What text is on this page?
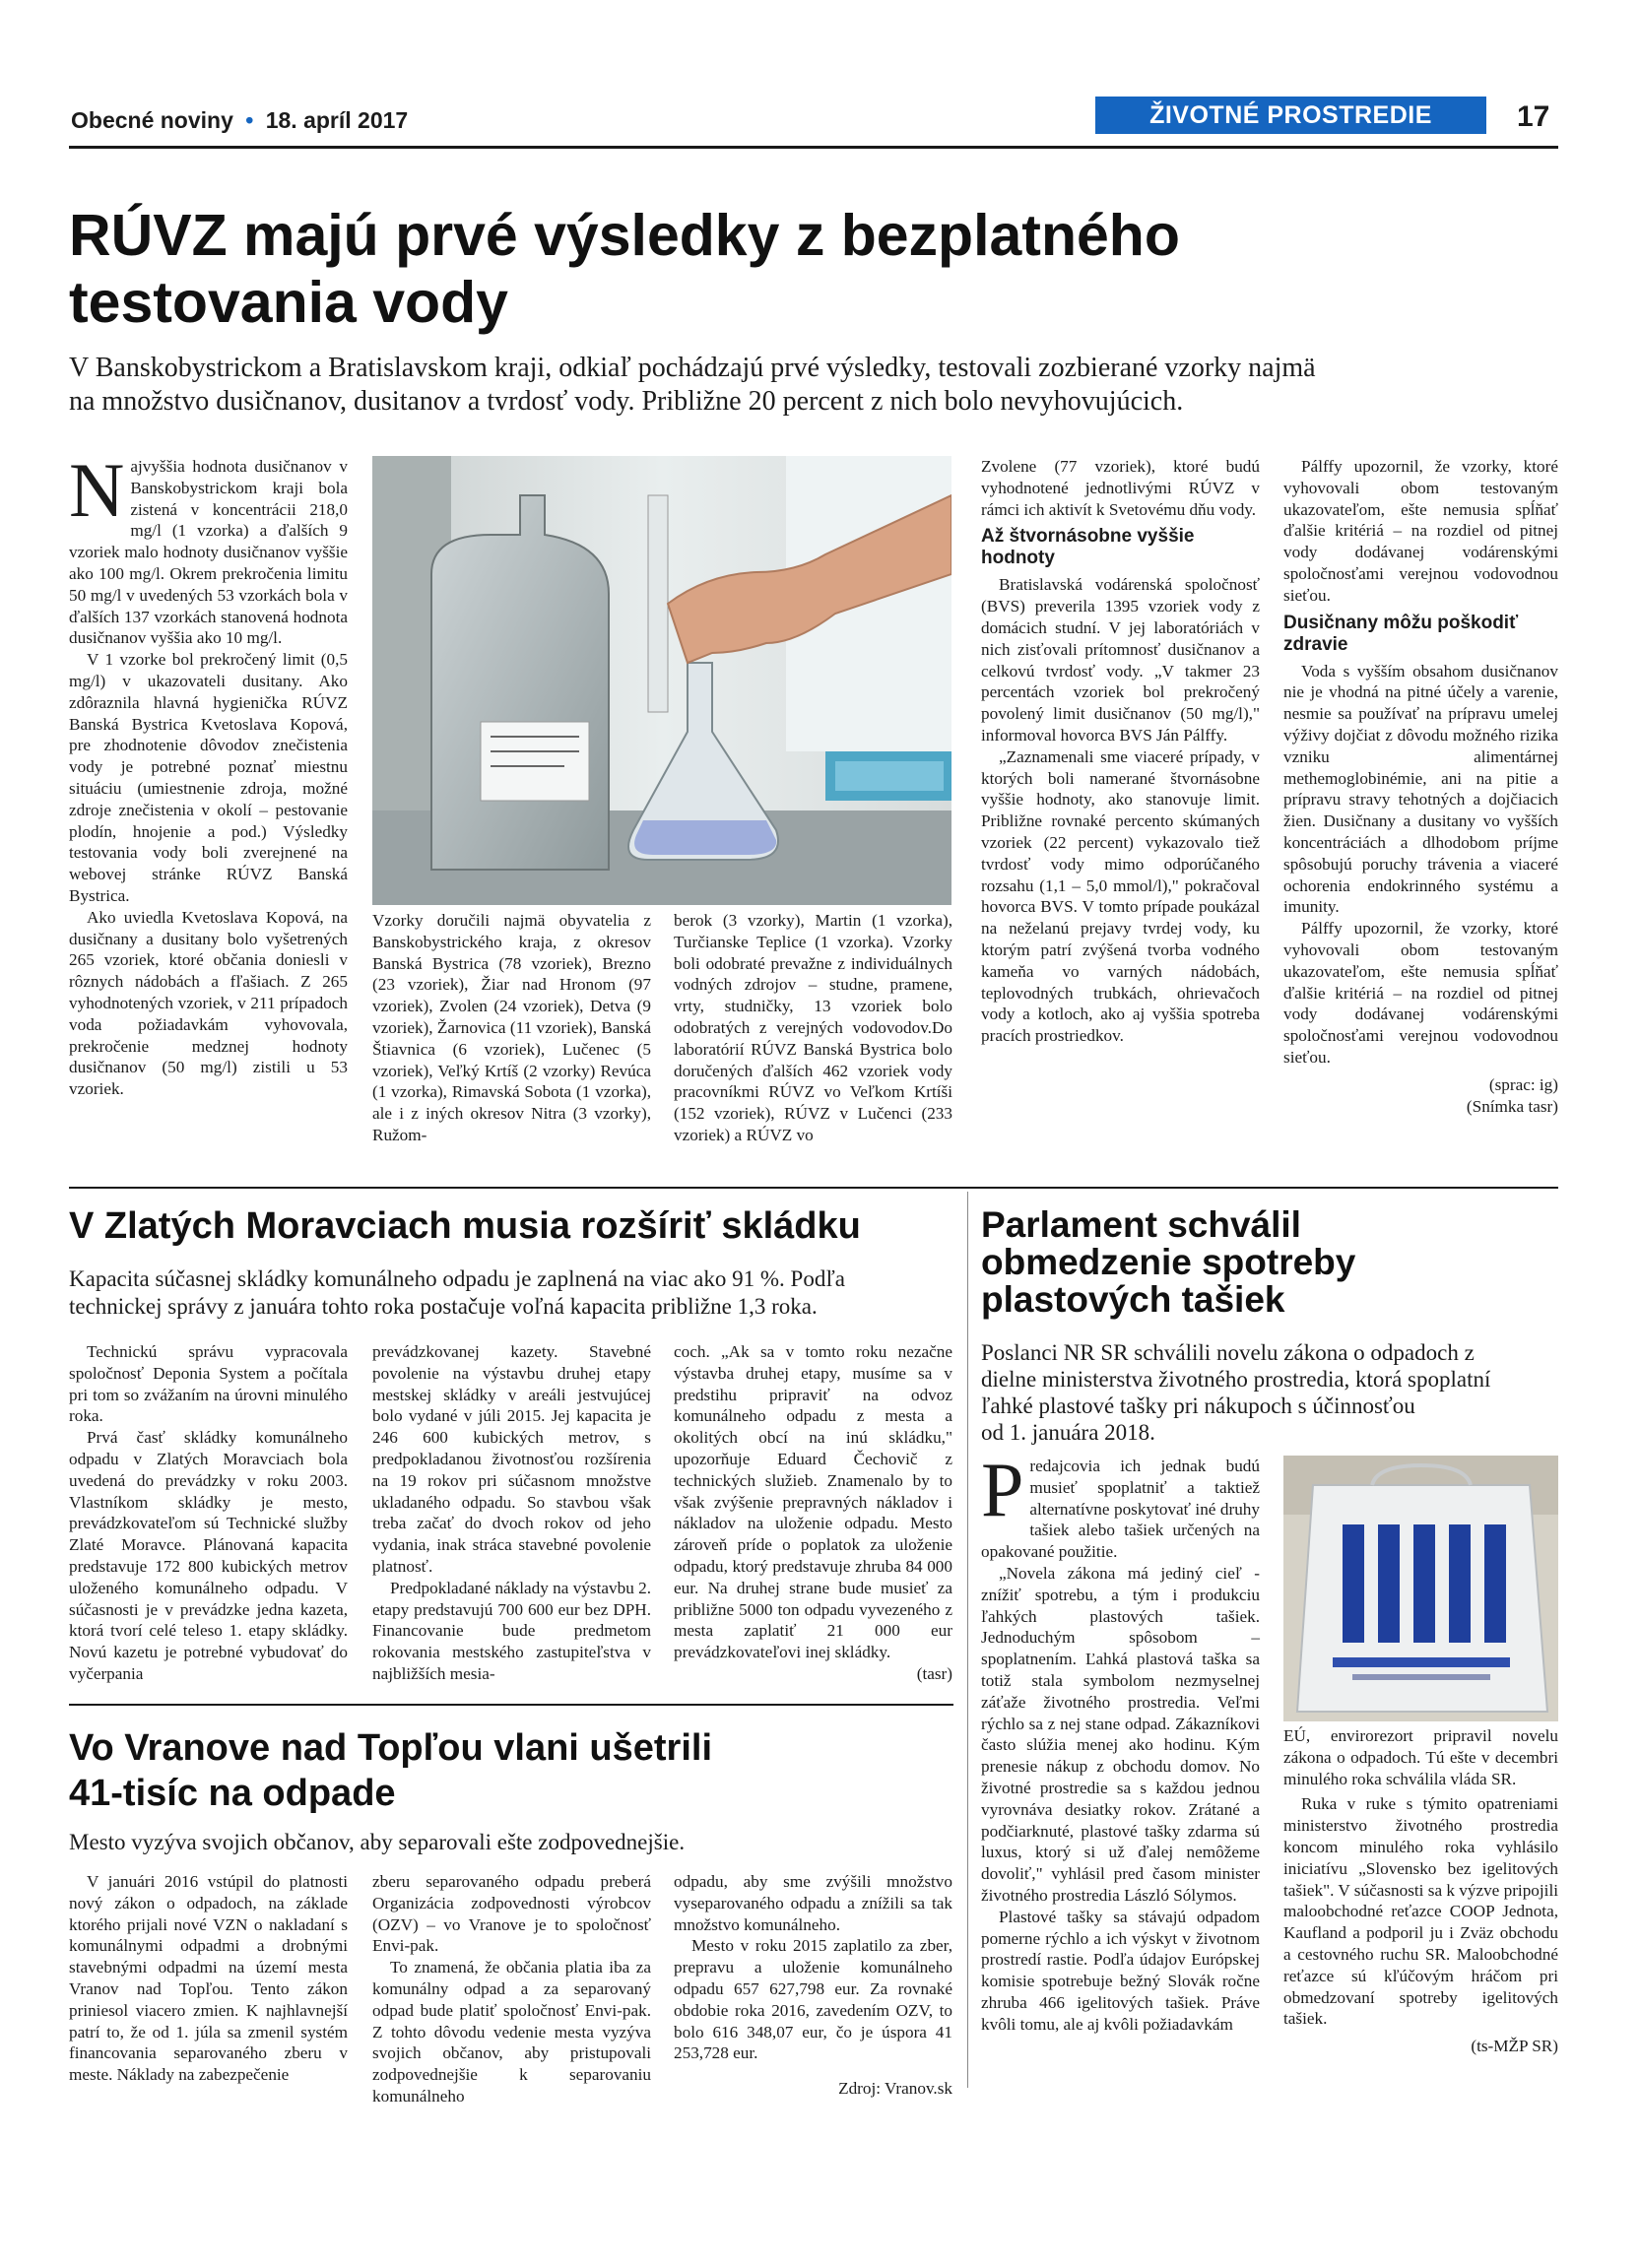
Obecné noviny • 18. apríl 2017	ŽIVOTNÉ PROSTREDIE	17
RÚVZ majú prvé výsledky z bezplatného
testovania vody
V Banskobystrickom a Bratislavskom kraji, odkiaľ pochádzajú prvé výsledky, testovali zozbierané vzorky najmä
na množstvo dusičnanov, dusitanov a tvrdosť vody. Približne 20 percent z nich bolo nevyhovujúcich.

Najvyššia hodnota dusičnanov v Banskobystrickom kraji bola zistená v koncentrácii 218,0 mg/l (1 vzorka) a ďalších 9 vzoriek malo hodnoty dusičnanov vyššie ako 100 mg/l. Okrem prekročenia limitu 50 mg/l v uvedených 53 vzorkách bola v ďalších 137 vzorkách stanovená hodnota dusičnanov vyššia ako 10 mg/l.

V 1 vzorke bol prekročený limit (0,5 mg/l) v ukazovateli dusitany. Ako zdôraznila hlavná hygienička RÚVZ Banská Bystrica Kvetoslava Kopová, pre zhodnotenie dôvodov znečistenia vody je potrebné poznať miestnu situáciu (umiestnenie zdroja, možné zdroje znečistenia v okolí – pestovanie plodín, hnojenie a pod.) Výsledky testovania vody boli zverejnené na webovej stránke RÚVZ Banská Bystrica.

Ako uviedla Kvetoslava Kopová, na dusičnany a dusitany bolo vyšetrených 265 vzoriek, ktoré občania doniesli v rôznych nádobách a fľašiach. Z 265 vyhodnotených vzoriek, v 211 prípadoch voda požiadavkám vyhovovala, prekročenie medznej hodnoty dusičnanov (50 mg/l) zistili u 53 vzoriek.

Vzorky doručili najmä obyvatelia z Banskobystrického kraja, z okresov Banská Bystrica (78 vzoriek), Brezno (23 vzoriek), Žiar nad Hronom (97 vzoriek), Zvolen (24 vzoriek), Detva (9 vzoriek), Žarnovica (11 vzoriek), Banská Štiavnica (6 vzoriek), Lučenec (5 vzoriek), Veľký Krtíš (2 vzorky) Revúca (1 vzorka), Rimavská Sobota (1 vzorka), ale i z iných okresov Nitra (3 vzorky), Ružom-

berok (3 vzorky), Martin (1 vzorka), Turčianske Teplice (1 vzorka). Vzorky boli odobraté prevažne z individuálnych vodných zdrojov – studne, pramene, vrty, studničky, 13 vzoriek bolo odobratých z verejných vodovodov.Do laboratórií RÚVZ Banská Bystrica bolo doručených ďalších 462 vzoriek vody pracovníkmi RÚVZ vo Veľkom Krtíši (152 vzoriek), RÚVZ v Lučenci (233 vzoriek) a RÚVZ vo

Zvolene (77 vzoriek), ktoré budú vyhodnotené jednotlivými RÚVZ v rámci ich aktivít k Svetovému dňu vody.

Až štvornásobne vyššie hodnoty

Bratislavská vodárenská spoločnosť (BVS) preverila 1395 vzoriek vody z domácich studní. V jej laboratóriách v nich zisťovali prítomnosť dusičnanov a celkovú tvrdosť vody. „V takmer 23 percentách vzoriek bol prekročený povolený limit dusičnanov (50 mg/l)," informoval hovorca BVS Ján Pálffy.

„Zaznamenali sme viaceré prípady, v ktorých boli namerané štvornásobne vyššie hodnoty, ako stanovuje limit. Približne rovnaké percento skúmaných vzoriek (22 percent) vykazovalo tiež tvrdosť vody mimo odporúčaného rozsahu (1,1 – 5,0 mmol/l)," pokračoval hovorca BVS. V tomto prípade poukázal na neželanú prejavy tvrdej vody, ku ktorým patrí zvýšená tvorba vodného kameňa vo varných nádobách, teplovodných trubkách, ohrievačoch vody a kotloch, ako aj vyššia spotreba pracích prostriedkov.

Pálffy upozornil, že vzorky, ktoré vyhovovali obom testovaným ukazovateľom, ešte nemusia spĺňať ďalšie kritériá – na rozdiel od pitnej vody dodávanej vodárenskými spoločnosťami verejnou vodovodnou sieťou.

Dusičnany môžu poškodiť zdravie

Voda s vyšším obsahom dusičnanov nie je vhodná na pitné účely a varenie, nesmie sa používať na prípravu umelej výživy dojčiat z dôvodu možného rizika vzniku alimentárnej methemoglobinémie, ani na pitie a prípravu stravy tehotných a dojčiacich žien. Dusičnany a dusitany vo vyšších koncentráciách a dlhodobom príjme spôsobujú poruchy trávenia a viaceré ochorenia endokrinného systému a imunity.

Pálffy upozornil, že vzorky, ktoré vyhovovali obom testovaným ukazovateľom, ešte nemusia spĺňať ďalšie kritériá – na rozdiel od pitnej vody dodávanej vodárenskými spoločnosťami verejnou vodovodnou sieťou.

(sprac: ig)

(Snímka tasr)

V Zlatých Moravciach musia rozšíriť skládku
Kapacita súčasnej skládky komunálneho odpadu je zaplnená na viac ako 91 %. Podľa
technickej správy z januára tohto roka postačuje voľná kapacita približne 1,3 roka.

Technickú správu vypracovala spoločnosť Deponia System a počítala pri tom so zvážaním na úrovni minulého roka.

Prvá časť skládky komunálneho odpadu v Zlatých Moravciach bola uvedená do prevádzky v roku 2003. Vlastníkom skládky je mesto, prevádzkovateľom sú Technické služby Zlaté Moravce. Plánovaná kapacita predstavuje 172 800 kubických metrov uloženého komunálneho odpadu. V súčasnosti je v prevádzke jedna kazeta, ktorá tvorí celé teleso 1. etapy skládky. Novú kazetu je potrebné vybudovať do vyčerpania

prevádzkovanej kazety. Stavebné povolenie na výstavbu druhej etapy mestskej skládky v areáli jestvujúcej bolo vydané v júli 2015. Jej kapacita je 246 600 kubických metrov, s predpokladanou životnosťou rozšírenia na 19 rokov pri súčasnom množstve ukladaného odpadu. So stavbou však treba začať do dvoch rokov od jeho vydania, inak stráca stavebné povolenie platnosť.

Predpokladané náklady na výstavbu 2. etapy predstavujú 700 600 eur bez DPH. Financovanie bude predmetom rokovania mestského zastupiteľstva v najbližších mesia-

coch. „Ak sa v tomto roku nezačne výstavba druhej etapy, musíme sa v predstihu pripraviť na odvoz komunálneho odpadu z mesta a okolitých obcí na inú skládku," upozorňuje Eduard Čechovič z technických služieb. Znamenalo by to však zvýšenie prepravných nákladov i nákladov na uloženie odpadu. Mesto zároveň príde o poplatok za uloženie odpadu, ktorý predstavuje zhruba 84 000 eur. Na druhej strane bude musieť za približne 5000 ton odpadu vyvezeného z mesta zaplatiť 21 000 eur prevádzkovateľovi inej skládky.

(tasr)

Vo Vranove nad Topľou vlani ušetrili
41-tisíc na odpade
Mesto vyzýva svojich občanov, aby separovali ešte zodpovednejšie.

V januári 2016 vstúpil do platnosti nový zákon o odpadoch, na základe ktorého prijali nové VZN o nakladaní s komunálnymi odpadmi a drobnými stavebnými odpadmi na území mesta Vranov nad Topľou. Tento zákon priniesol viacero zmien. K najhlavnejší patrí to, že od 1. júla sa zmenil systém financovania separovaného zberu v meste. Náklady na zabezpečenie

zberu separovaného odpadu preberá Organizácia zodpovednosti výrobcov (OZV) – vo Vranove je to spoločnosť Envi-pak.

To znamená, že občania platia iba za komunálny odpad a za separovaný odpad bude platiť spoločnosť Envi-pak. Z tohto dôvodu vedenie mesta vyzýva svojich občanov, aby pristupovali zodpovednejšie k separovaniu komunálneho

odpadu, aby sme zvýšili množstvo vyseparovaného odpadu a znížili sa tak množstvo komunálneho.

Mesto v roku 2015 zaplatilo za zber, prepravu a uloženie komunálneho odpadu 657 627,798 eur. Za rovnaké obdobie roka 2016, zavedením OZV, to bolo 616 348,07 eur, čo je úspora 41 253,728 eur.

Zdroj: Vranov.sk

Parlament schválil
obmedzenie spotreby
plastových tašiek
Poslanci NR SR schválili novelu zákona o odpadoch z
dielne ministerstva životného prostredia, ktorá spoplatní
ľahké plastové tašky pri nákupoch s účinnosťou
od 1. januára 2018.

Predajcovia ich jednak budú musieť spoplatniť a taktiež alternatívne poskytovať iné druhy tašiek alebo tašiek určených na opakované použitie.

„Novela zákona má jediný cieľ - znížiť spotrebu, a tým i produkciu ľahkých plastových tašiek. Jednoduchým spôsobom – spoplatnením. Ľahká plastová taška sa totiž stala symbolom nezmyselnej záťaže životného prostredia. Veľmi rýchlo sa z nej stane odpad. Zákazníkovi často slúžia menej ako hodinu. Kým prenesie nákup z obchodu domov. No životné prostredie sa s každou jednou vyrovnáva desiatky rokov. Zrátané a podčiarknuté, plastové tašky zdarma sú luxus, ktorý si už ďalej nemôžeme dovoliť," vyhlásil pred časom minister životného prostredia László Sólymos.

Plastové tašky sa stávajú odpadom pomerne rýchlo a ich výskyt v životnom prostredí rastie. Podľa údajov Európskej komisie spotrebuje bežný Slovák ročne zhruba 466 igelitových tašiek. Práve kvôli tomu, ale aj kvôli požiadavkám

EÚ, envirorezort pripravil novelu zákona o odpadoch. Tú ešte v decembri minulého roka schválila vláda SR.

Ruka v ruke s týmito opatreniami ministerstvo životného prostredia koncom minulého roka vyhlásilo iniciatívu „Slovensko bez igelitových tašiek". V súčasnosti sa k výzve pripojili maloobchodné reťazce COOP Jednota, Kaufland a podporil ju i Zväz obchodu a cestovného ruchu SR. Maloobchodné reťazce sú kľúčovým hráčom pri obmedzovaní spotreby igelitových tašiek.

(ts-MŽP SR)
